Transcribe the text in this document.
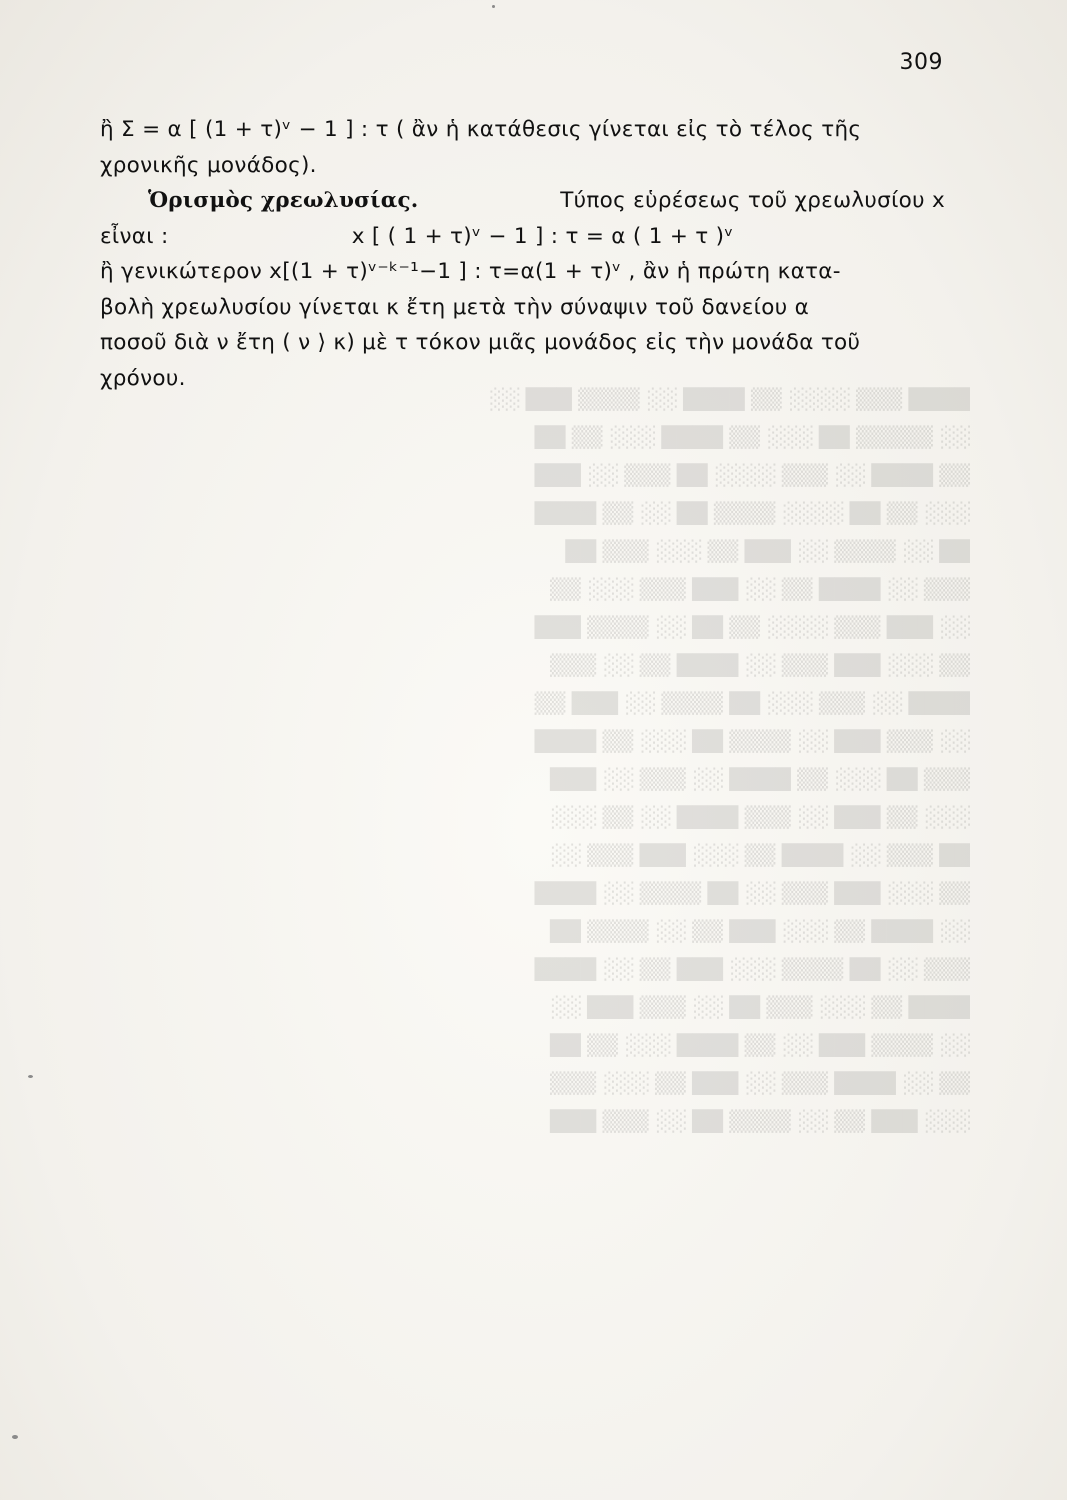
████ ▒▒▒ ░░░░ ▒▒ ████ ░░ ▒▒▒▒ ███ ░░
░░ ▒▒▒▒▒ ██ ░░░ ▒▒ ████ ░░░ ▒▒ ██
▒▒ ████ ░░ ▒▒▒ ░░░░ ██ ▒▒▒ ░░ ███
░░░ ▒▒ ██ ░░░░ ▒▒▒▒ ██ ░░ ▒▒ ████
██ ░░ ▒▒▒▒ ░░ ███ ▒▒ ░░░ ▒▒▒ ██
▒▒▒ ░░ ████ ▒▒ ░░ ███ ▒▒▒ ░░░ ▒▒
░░ ███ ▒▒▒ ░░░░ ▒▒ ██ ░░ ▒▒▒▒ ███
▒▒ ░░░ ███ ▒▒▒ ░░ ████ ▒▒ ░░ ▒▒▒
████ ░░ ▒▒▒ ░░░ ██ ▒▒▒▒ ░░ ███ ▒▒
░░ ▒▒▒ ███ ░░ ▒▒▒▒ ██ ░░░ ▒▒ ████
▒▒▒ ██ ░░░ ▒▒ ████ ░░ ▒▒▒ ░░ ███
░░░ ▒▒ ███ ░░ ▒▒▒ ████ ░░ ▒▒ ░░░
██ ▒▒▒ ░░ ████ ▒▒ ░░░ ███ ▒▒▒ ░░
▒▒ ░░░ ███ ▒▒▒ ░░ ██ ▒▒▒▒ ░░ ████
░░ ████ ▒▒ ░░░ ███ ▒▒ ░░ ▒▒▒▒ ██
▒▒▒ ░░ ██ ▒▒▒▒ ░░░ ███ ▒▒ ░░ ████
████ ▒▒ ░░░ ▒▒▒ ██ ░░ ▒▒▒ ███ ░░
░░ ▒▒▒▒ ███ ░░ ▒▒ ████ ░░░ ▒▒ ██
▒▒ ░░ ████ ▒▒▒ ░░ ███ ▒▒ ░░░ ▒▒▒
░░░ ███ ▒▒ ░░ ▒▒▒▒ ██ ░░ ▒▒▒ ███
309
ἢ Σ = α [ (1 + τ)ᵛ − 1 ] : τ ( ἂν ἡ κατάθεσις γίνεται εἰς τὸ τέλος τῆς
χρονικῆς μονάδος).
Ὁρισμὸς χρεωλυσίας.	Τύπος εὑρέσεως τοῦ χρεωλυσίου x
εἶναι :	x [ ( 1 + τ)ᵛ − 1 ] : τ = α ( 1 + τ )ᵛ
ἢ γενικώτερον x[(1 + τ)ᵛ⁻ᵏ⁻¹−1 ] : τ=α(1 + τ)ᵛ , ἂν ἡ πρώτη κατα-
βολὴ χρεωλυσίου γίνεται κ ἔτη μετὰ τὴν σύναψιν τοῦ δανείου α
ποσοῦ διὰ ν ἔτη ( ν ⟩ κ) μὲ τ τόκον μιᾶς μονάδος εἰς τὴν μονάδα τοῦ
χρόνου.
